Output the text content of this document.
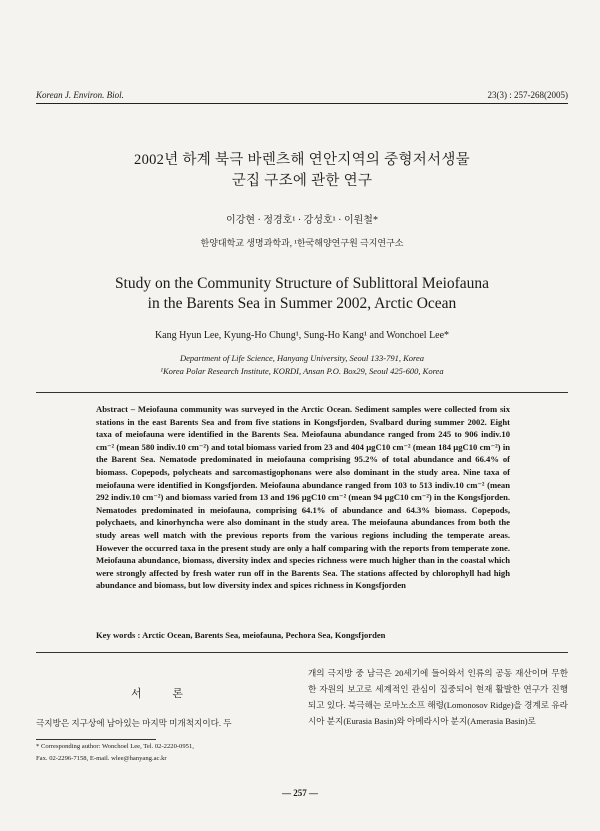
Korean J. Environ. Biol.	23(3) : 257-268(2005)
2002년 하계 북극 바렌츠해 연안지역의 중형저서생물
군집 구조에 관한 연구
이강현 · 정경호¹ · 강성호¹ · 이원철*
한양대학교 생명과학과, ¹한국해양연구원 극지연구소
Study on the Community Structure of Sublittoral Meiofauna
in the Barents Sea in Summer 2002, Arctic Ocean
Kang Hyun Lee, Kyung-Ho Chung¹, Sung-Ho Kang¹ and Wonchoel Lee*
Department of Life Science, Hanyang University, Seoul 133-791, Korea
¹Korea Polar Research Institute, KORDI, Ansan P.O. Box29, Seoul 425-600, Korea
Abstract – Meiofauna community was surveyed in the Arctic Ocean. Sediment samples were collected from six stations in the east Barents Sea and from five stations in Kongsfjorden, Svalbard during summer 2002. Eight taxa of meiofauna were identified in the Barents Sea. Meiofauna abundance ranged from 245 to 906 indiv.10 cm⁻² (mean 580 indiv.10 cm⁻²) and total biomass varied from 23 and 404 µgC10 cm⁻² (mean 184 µgC10 cm⁻²) in the Barent Sea. Nematode predominated in meiofauna comprising 95.2% of total abundance and 66.4% of biomass. Copepods, polycheats and sarcomastigophonans were also dominant in the study area. Nine taxa of meiofauna were identified in Kongsfjorden. Meiofauna abundance ranged from 103 to 513 indiv.10 cm⁻² (mean 292 indiv.10 cm⁻²) and biomass varied from 13 and 196 µgC10 cm⁻² (mean 94 µgC10 cm⁻²) in the Kongsfjorden. Nematodes predominated in meiofauna, comprising 64.1% of abundance and 64.3% biomass. Copepods, polychaets, and kinorhyncha were also dominant in the study area. The meiofauna abundances from both the study areas well match with the previous reports from the various regions including the temperate areas. However the occurred taxa in the present study are only a half comparing with the reports from temperate zone. Meiofauna abundance, biomass, diversity index and species richness were much higher than in the coastal which were strongly affected by fresh water run off in the Barents Sea. The stations affected by chlorophyll had high abundance and biomass, but low diversity index and spices richness in Kongsfjorden
Key words : Arctic Ocean, Barents Sea, meiofauna, Pechora Sea, Kongsfjorden
서 론
극지방은 지구상에 남아있는 마지막 미개척지이다. 두
* Corresponding author: Wonchoel Lee, Tel. 02-2220-0951,
Fax. 02-2296-7158, E-mail. wlee@hanyang.ac.kr
개의 극지방 중 남극은 20세기에 들어와서 인류의 공동 재산이며 무한한 자원의 보고로 세계적인 관심이 집중되어 현재 활발한 연구가 진행되고 있다. 북극해는 로마노소프 해령(Lomonosov Ridge)을 경계로 유라시아 분지(Eurasia Basin)와 아메라시아 분지(Amerasia Basin)로
— 257 —
